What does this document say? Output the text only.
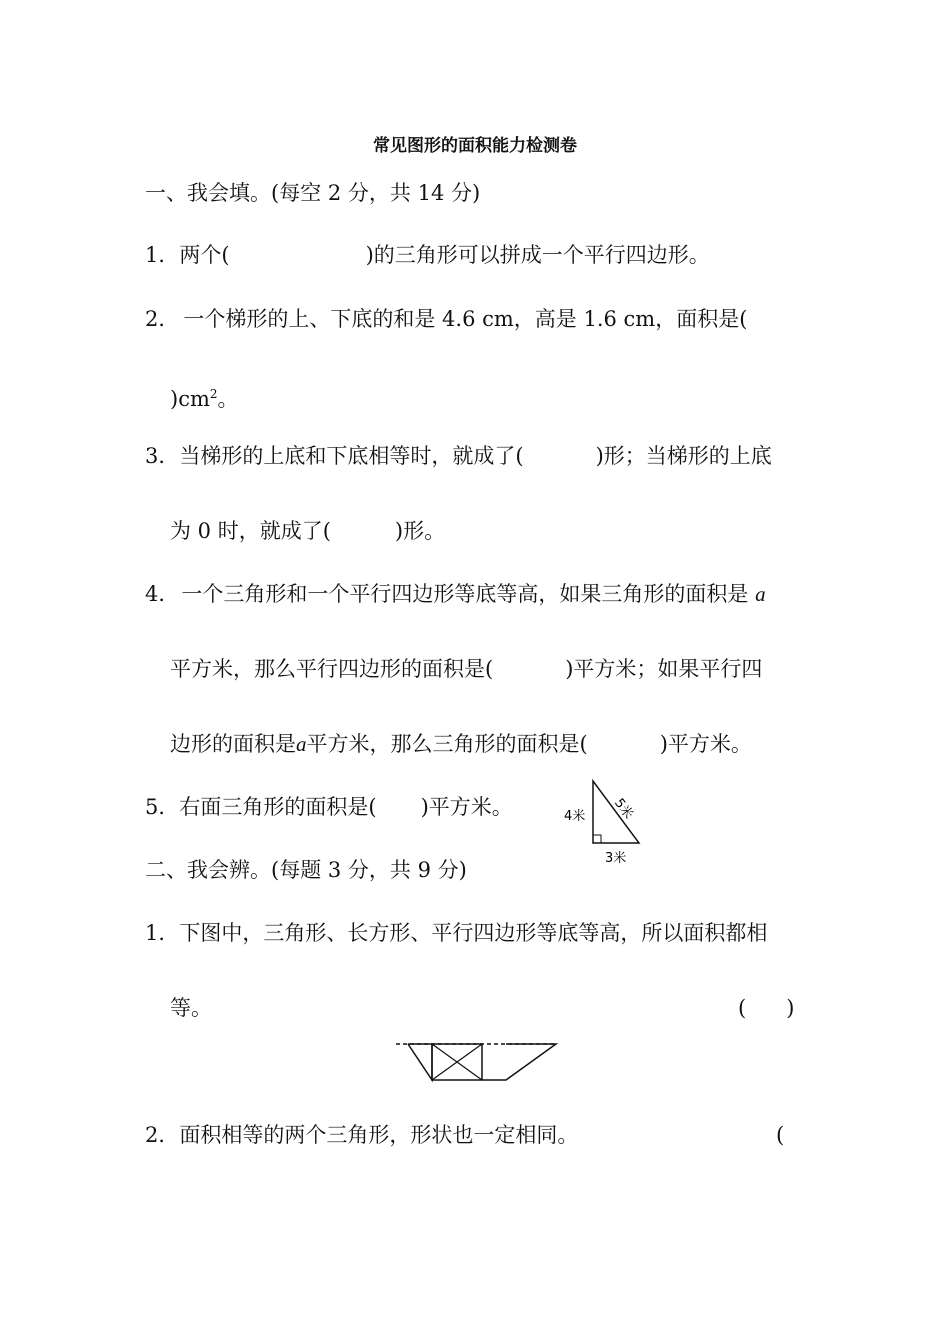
常见图形的面积能力检测卷
一、我会填。(每空 2 分，共 14 分)
1．两个(	)的三角形可以拼成一个平行四边形。
2． 一个梯形的上、下底的和是 4.6 cm，高是 1.6 cm，面积是(
)$cm^2$。
3．当梯形的上底和下底相等时，就成了(	)形；当梯形的上底
为 0 时，就成了(	)形。
4．一个三角形和一个平行四边形等底等高，如果三角形的面积是 a
平方米，那么平行四边形的面积是(	)平方米；如果平行四
边形的面积是a平方米，那么三角形的面积是(	)平方米。
5．右面三角形的面积是( )平方米。	4米 5米
3米
二、我会辨。(每题 3 分，共 9 分)
1．下图中，三角形、长方形、平行四边形等底等高，所以面积都相
等。	(      )
2．面积相等的两个三角形，形状也一定相同。	(
